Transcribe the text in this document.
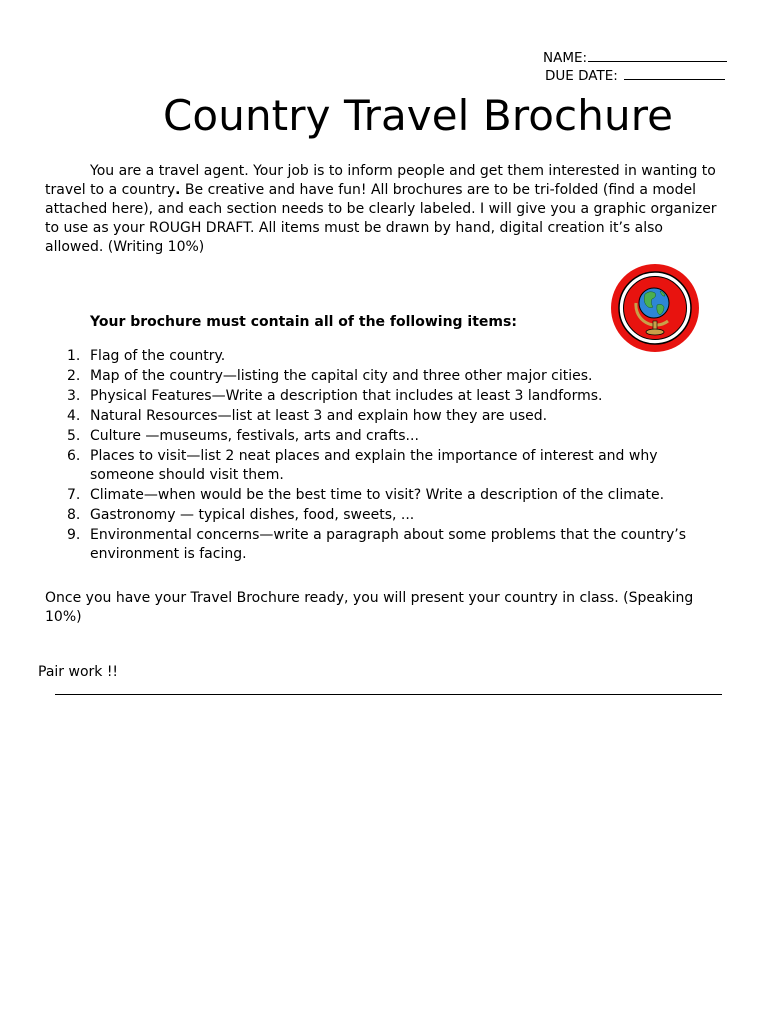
NAME:
DUE DATE:
Country Travel Brochure
You are a travel agent. Your job is to inform people and get them interested in wanting to travel to a country. Be creative and have fun! All brochures are to be tri-folded (find a model attached here), and each section needs to be clearly labeled. I will give you a graphic organizer to use as your ROUGH DRAFT. All items must be drawn by hand, digital creation it’s also allowed. (Writing 10%)
Your brochure must contain all of the following items:
1. Flag of the country.
2. Map of the country—listing the capital city and three other major cities.
3. Physical Features—Write a description that includes at least 3 landforms.
4. Natural Resources—list at least 3 and explain how they are used.
5. Culture —museums, festivals, arts and crafts...
6. Places to visit—list 2 neat places and explain the importance of interest and why someone should visit them.
7. Climate—when would be the best time to visit? Write a description of the climate.
8. Gastronomy — typical dishes, food, sweets, ...
9. Environmental concerns—write a paragraph about some problems that the country’s environment is facing.
Once you have your Travel Brochure ready, you will present your country in class. (Speaking 10%)
Pair work !!
